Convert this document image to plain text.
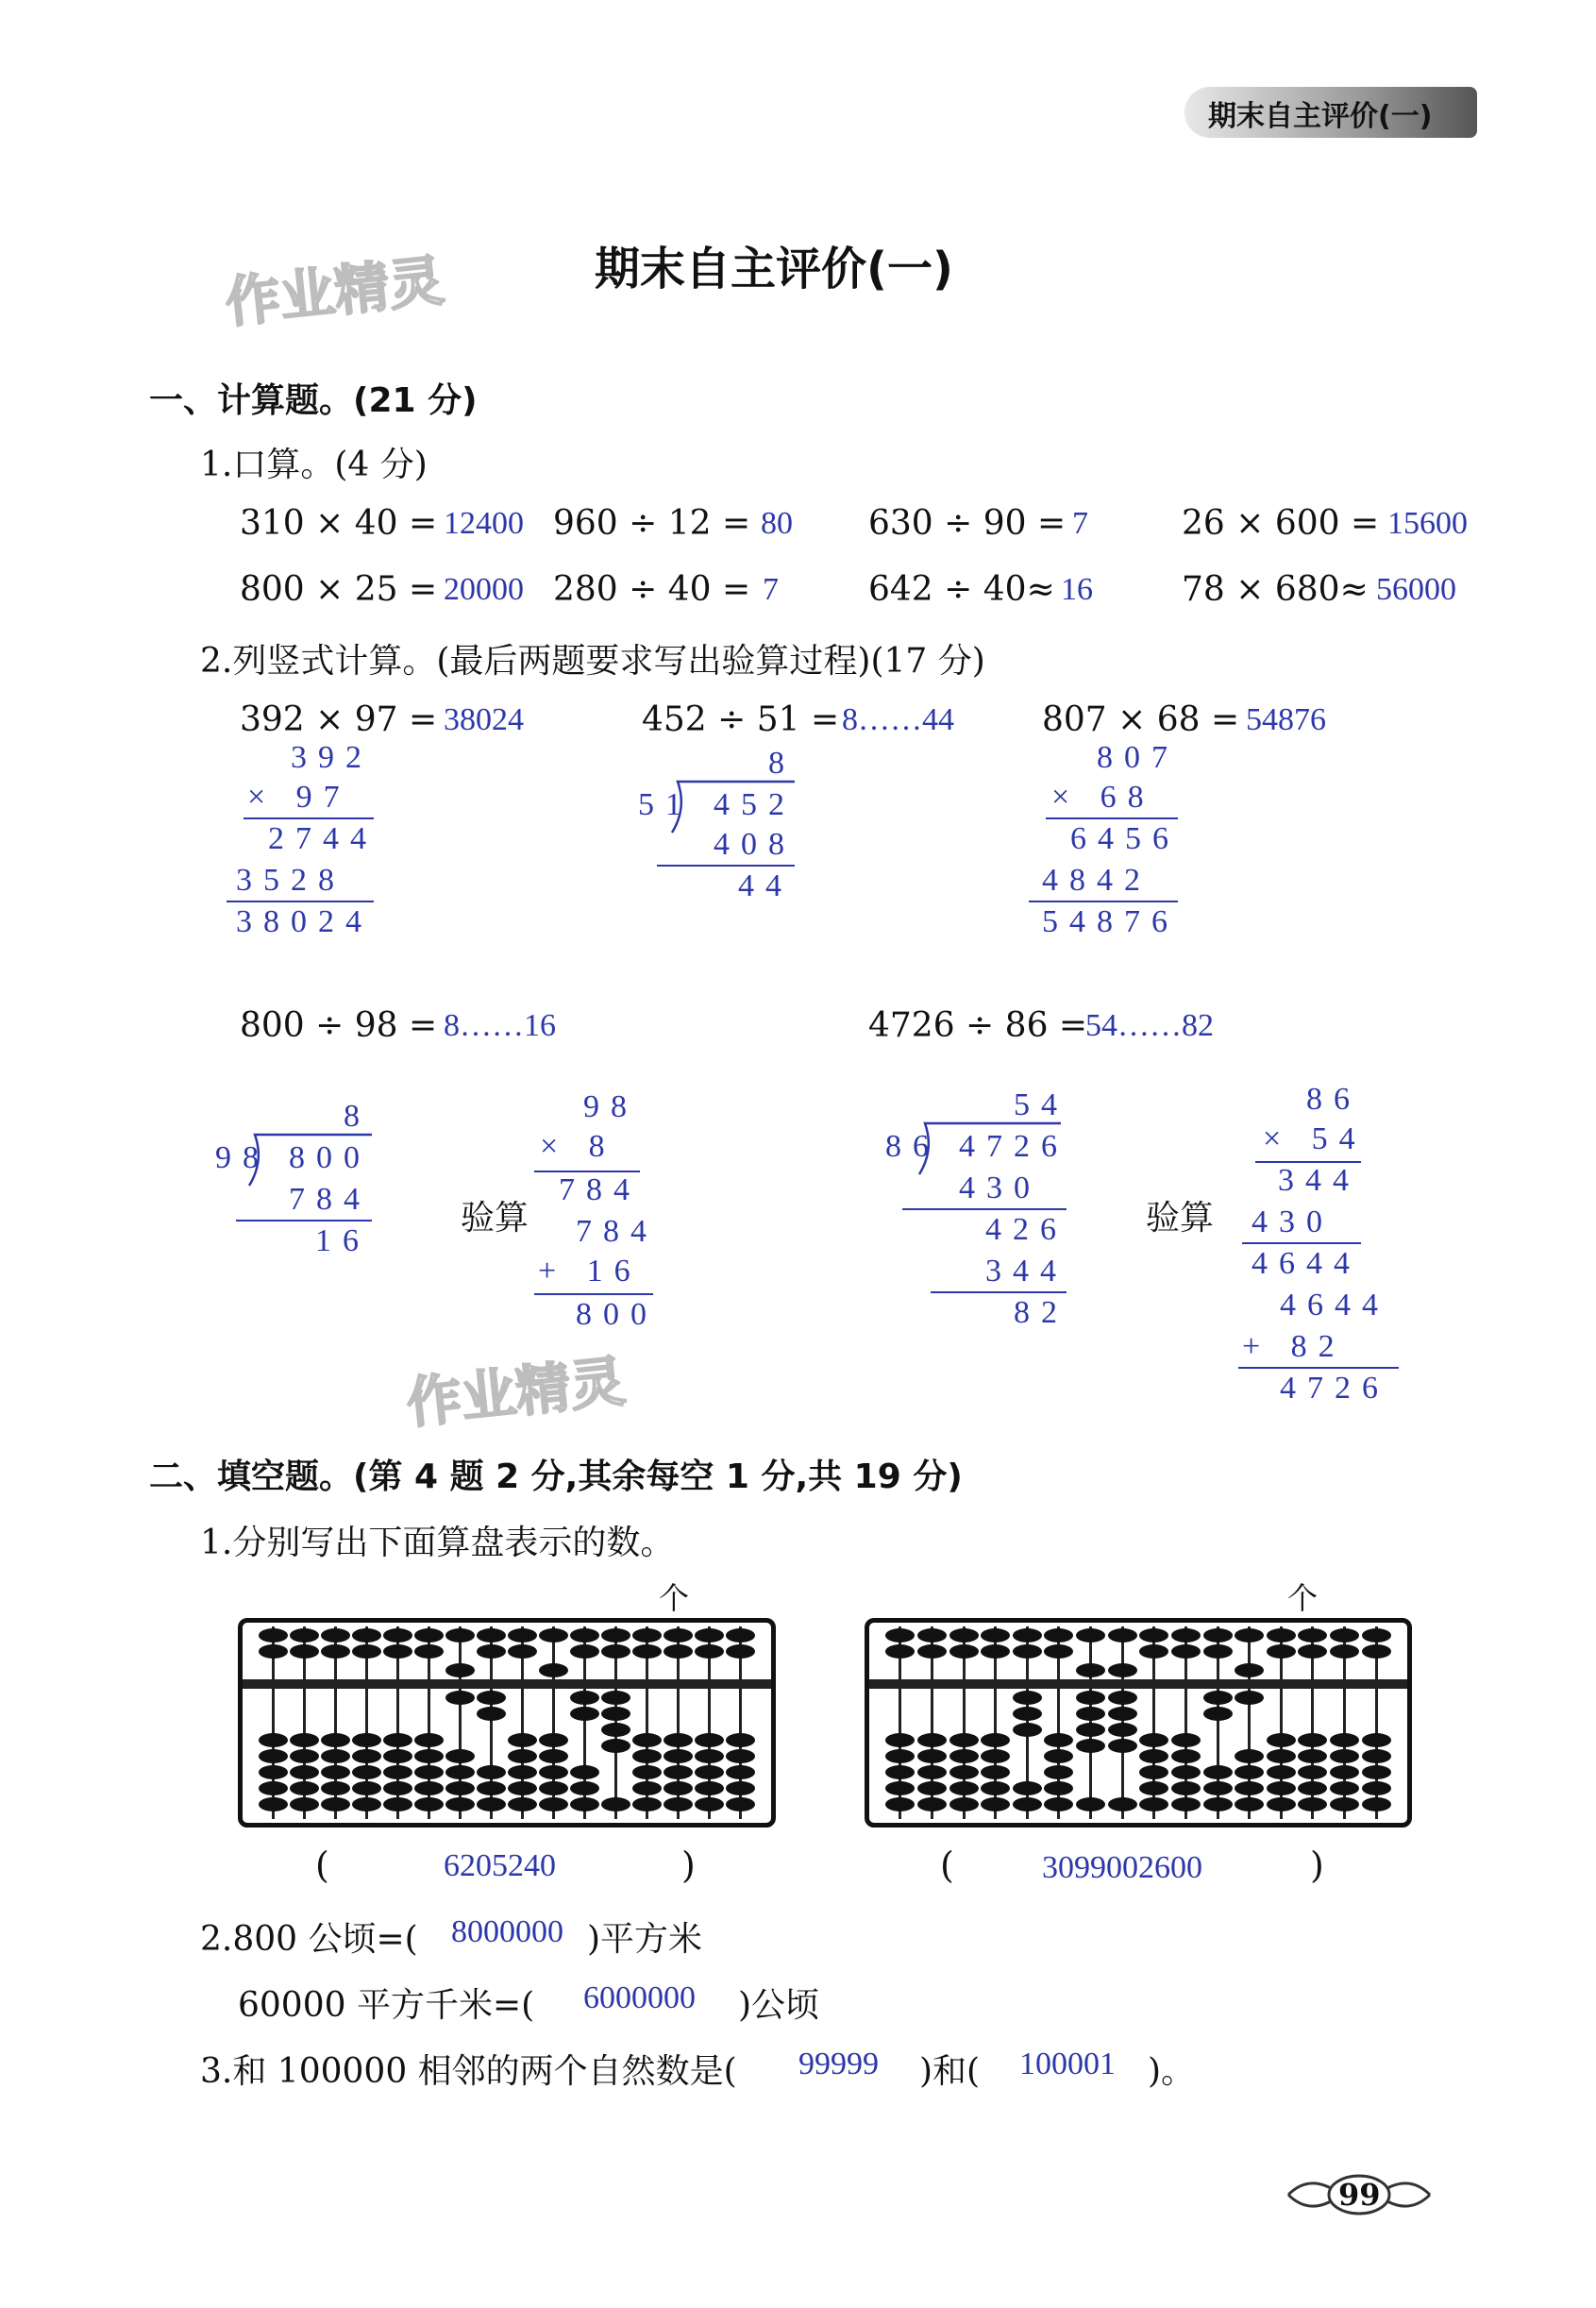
期末自主评价(一)
作业精灵
作业精灵
期末自主评价(一)
一、计算题。(21 分)
1.口算。(4 分)
310 × 40 = 12400 960 ÷ 12 = 80 630 ÷ 90 = 7	26 × 600 = 15600
800 × 25 = 20000 280 ÷ 40 = 7	642 ÷ 40≈ 16	78 × 680≈ 56000
2.列竖式计算。(最后两题要求写出验算过程)(17 分)
392 × 97 = 38024
392
× 97
2744
3528
38024
452 ÷ 51 = 8……44
8
51 452
408
44
807 × 68 = 54876
807
× 68
6456
4842
54876
800 ÷ 98 = 8……16
8
98 800
784
16
验算
98
× 8
784
784
+ 16
800
4726 ÷ 86 =
54……82
54
86 4726
430
426
344
82
验算
86
× 54
344
430
4644
4644
+ 82
4726
二、填空题。(第 4 题 2 分,其余每空 1 分,共 19 分)
1.分别写出下面算盘表示的数。
个	个
(	6205240	)	(	3099002600	)
2.800 公顷=( 8000000 )平方米
60000 平方千米=( 6000000 )公顷
3.和 100000 相邻的两个自然数是( 99999 )和( 100001 )。
99
